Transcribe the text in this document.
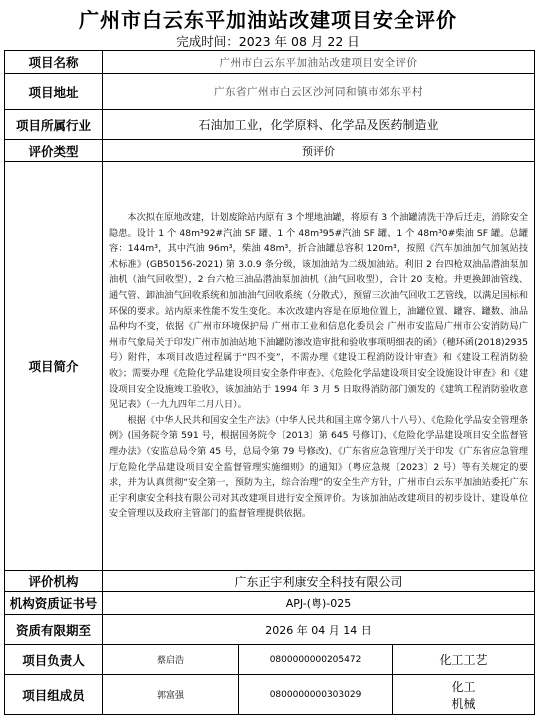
广州市白云东平加油站改建项目安全评价
完成时间：2023 年 08 月 22 日
项目名称	广州市白云东平加油站改建项目安全评价		
项目地址	广东省广州市白云区沙河同和镇市郊东平村		
项目所属行业	石油加工业，化学原料、化学品及医药制造业		
评价类型	预评价		
项目简介	本次拟在原地改建，计划废除站内原有 3 个埋地油罐，将原有 3 个油罐清洗干净后迁走，消除安全隐患。设计 1 个 48m³92#汽油 SF 罐、1 个 48m³95#汽油 SF 罐、1 个 48m³0#柴油 SF 罐。总罐容：144m³，其中汽油 96m³，柴油 48m³，折合油罐总容积 120m³，按照《汽车加油加气加氢站技术标准》(GB50156-2021) 第 3.0.9 条分级，该加油站为二级加油站。利旧 2 台四枪双油品潜油泵加油机（油气回收型），2 台六枪三油品潜油泵加油机（油气回收型），合计 20 支枪。并更换卸油管线、通气管、卸油油气回收系统和加油油气回收系统（分散式），预留三次油气回收工艺管线，以满足国标和环保的要求。站内原来性能不发生变化。本次改建内容是在原地位置上，油罐位置、罐容、罐数、油品品种均不变，依据《广州市环境保护局 广州市工业和信息化委员会 广州市安监局广州市公安消防局广州市气象局关于印发广州市加油站地下油罐防渗改造审批和验收事项明细表的函》（穗环函(2018)2935 号）附件，本项目改造过程属于“四不变”，不需办理《建设工程消防设计审查》和《建设工程消防验收》；需要办理《危险化学品建设项目安全条件审查》、《危险化学品建设项目安全设施设计审查》和《建设项目安全设施竣工验收》，该加油站于 1994 年 3 月 5 日取得消防部门颁发的《建筑工程消防验收意见记表》（一九九四年二月八日）。

根据《中华人民共和国安全生产法》（中华人民共和国主席令第八十八号）、《危险化学品安全管理条例》(国务院令第 591 号，根据国务院令〔2013〕第 645 号修订)、《危险化学品建设项目安全监督管理办法》（安监总局令第 45 号，总局令第 79 号修改)、《广东省应急管理厅关于印发《广东省应急管理厅危险化学品建设项目安全监督管理实施细则》的通知》（粤应急规〔2023〕2 号）等有关规定的要求，并为认真贯彻“安全第一，预防为主，综合治理”的安全生产方针，广州市白云东平加油站委托广东正宇利康安全科技有限公司对其改建项目进行安全预评价。为该加油站改建项目的初步设计、建设单位安全管理以及政府主管部门的监督管理提供依据。		

评价机构	广东正宇利康安全科技有限公司		
机构资质证书号	APJ-(粤)-025		
资质有限期至	2026 年 04 月 14 日		
项目负责人	蔡启浩	0800000000205472	化工工艺
项目组成员	郭富强	0800000000303029	化工
机械
